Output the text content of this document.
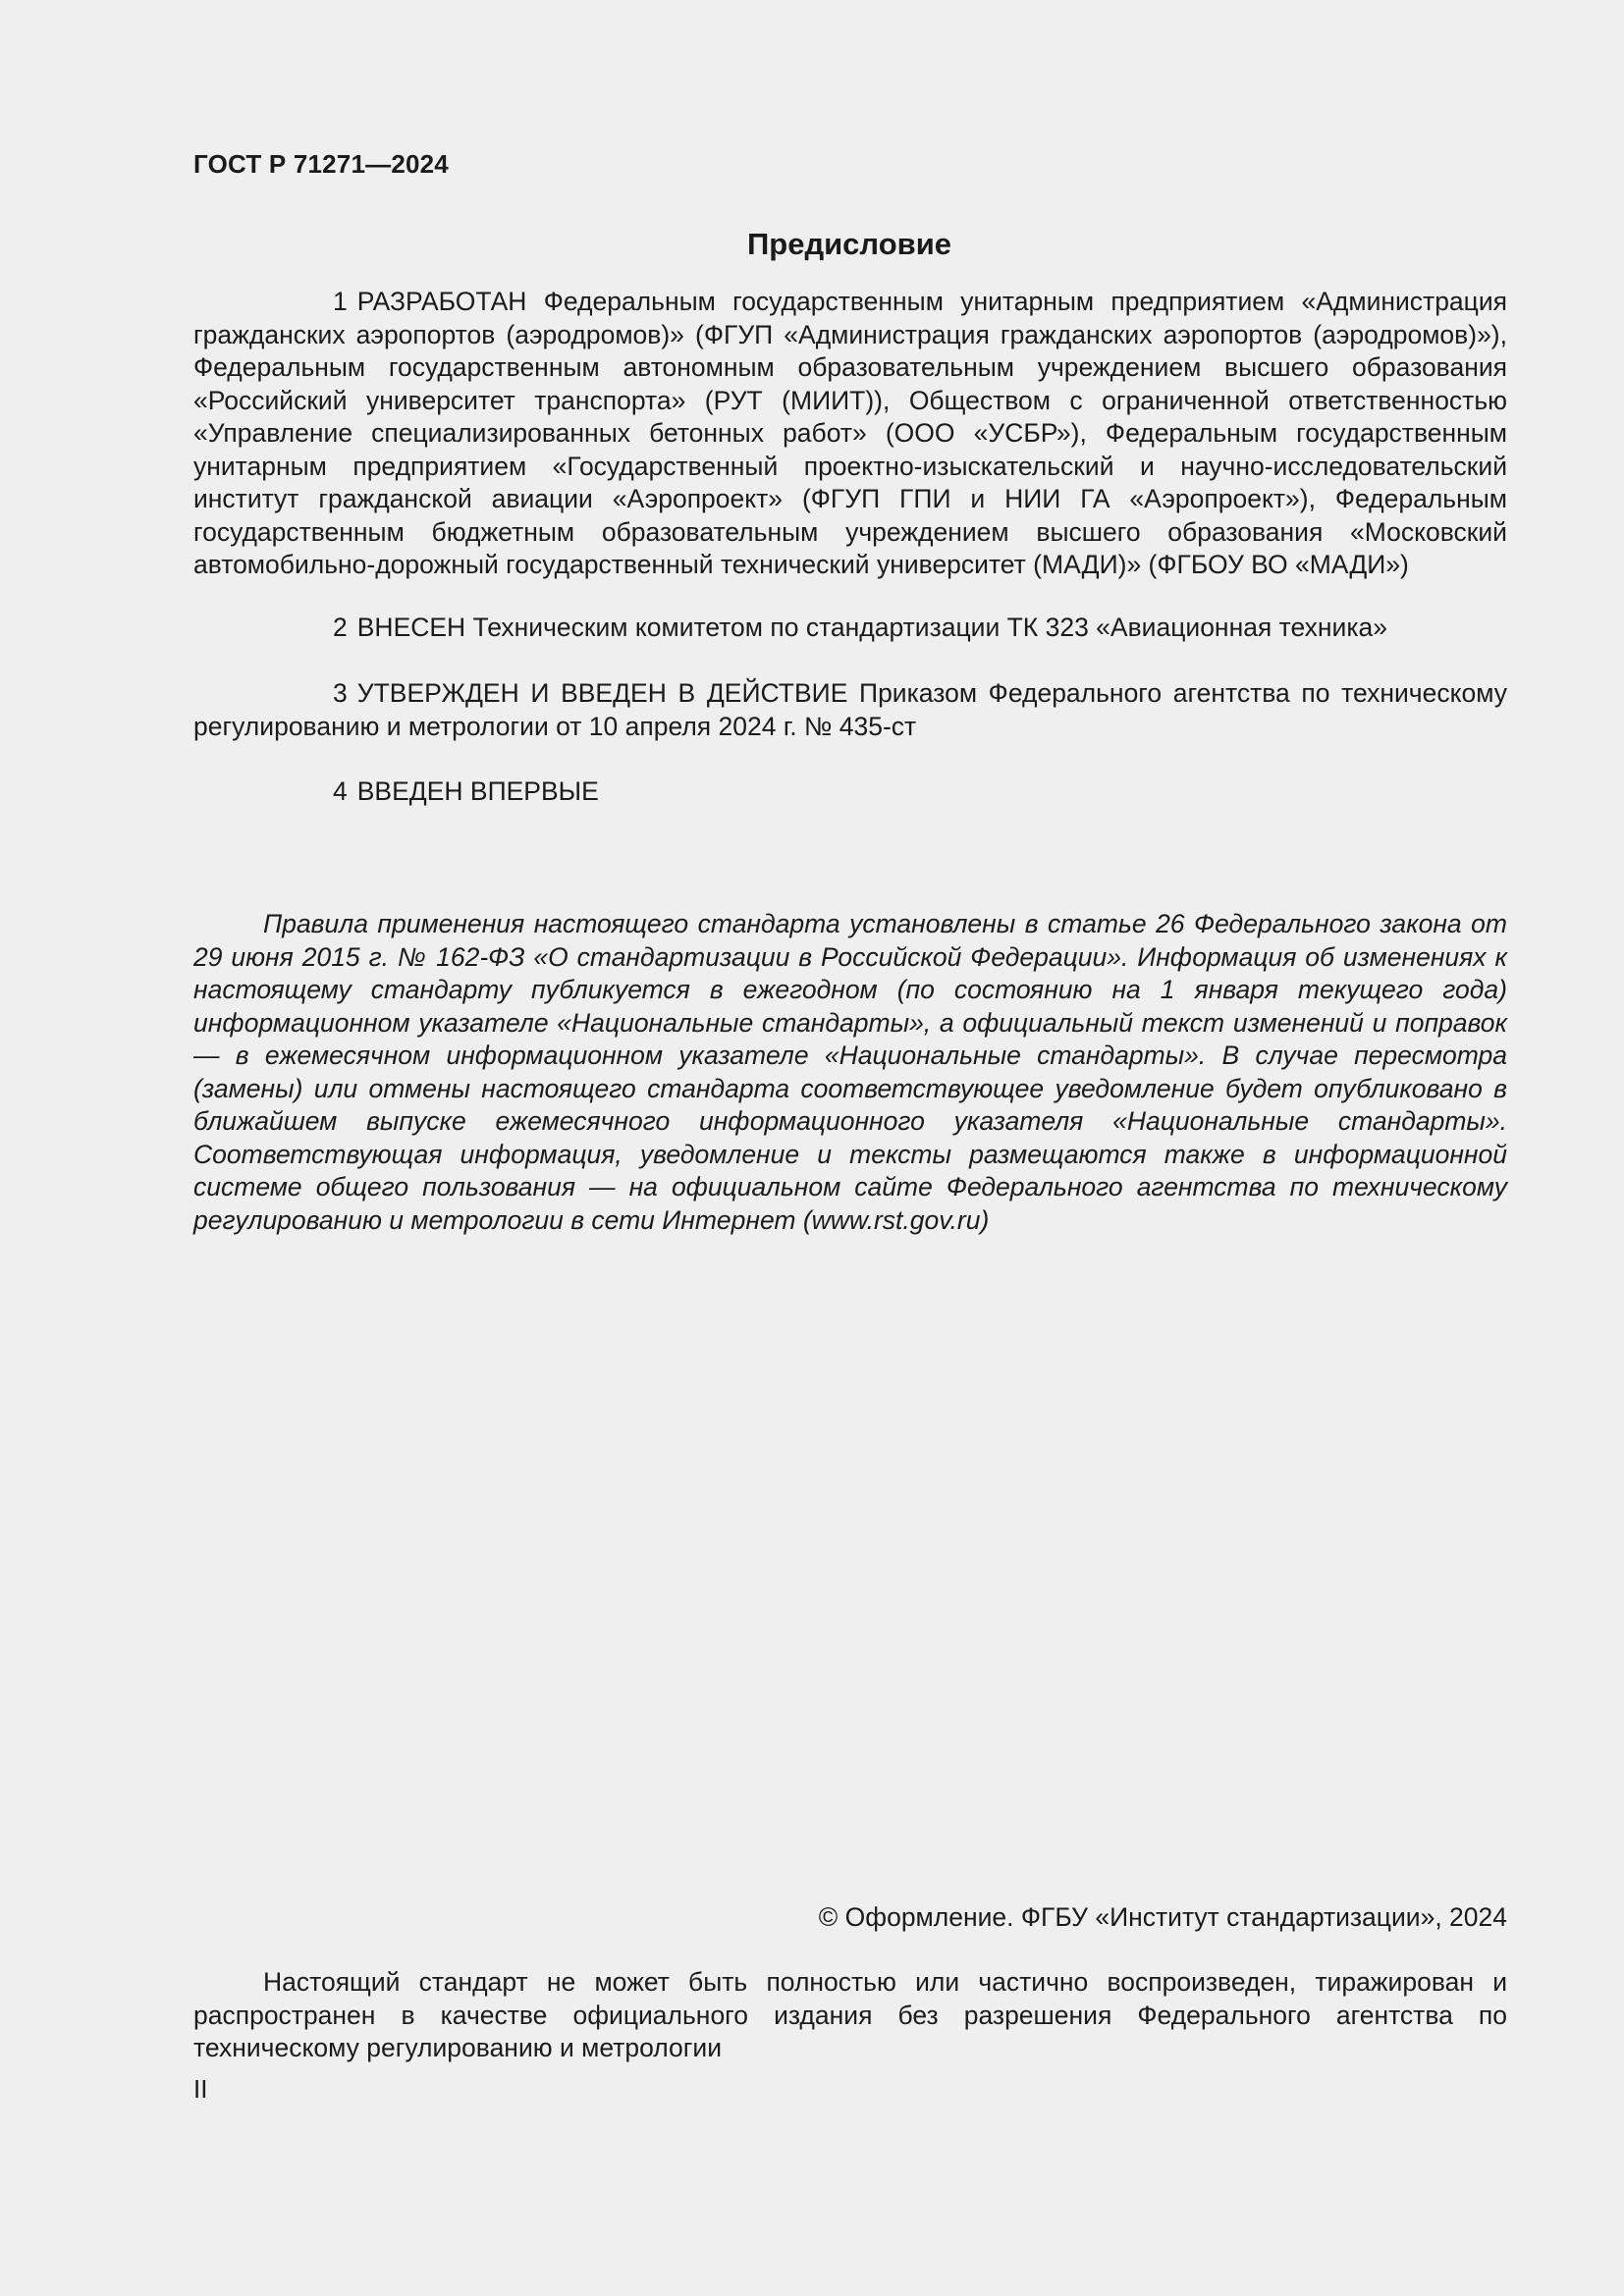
ГОСТ Р 71271—2024
Предисловие

1 РАЗРАБОТАН Федеральным государственным унитарным предприятием «Администрация гражданских аэропортов (аэродромов)» (ФГУП «Администрация гражданских аэропортов (аэродромов)»), Федеральным государственным автономным образовательным учреждением высшего образования «Российский университет транспорта» (РУТ (МИИТ)), Обществом с ограниченной ответственностью «Управление специализированных бетонных работ» (ООО «УСБР»), Федеральным государственным унитарным предприятием «Государственный проектно-изыскательский и научно-исследовательский институт гражданской авиации «Аэропроект» (ФГУП ГПИ и НИИ ГА «Аэропроект»), Федеральным государственным бюджетным образовательным учреждением высшего образования «Московский автомобильно-дорожный государственный технический университет (МАДИ)» (ФГБОУ ВО «МАДИ»)

2 ВНЕСЕН Техническим комитетом по стандартизации ТК 323 «Авиационная техника»

3 УТВЕРЖДЕН И ВВЕДЕН В ДЕЙСТВИЕ Приказом Федерального агентства по техническому регулированию и метрологии от 10 апреля 2024 г. № 435-ст

4 ВВЕДЕН ВПЕРВЫЕ

Правила применения настоящего стандарта установлены в статье 26 Федерального закона от 29 июня 2015 г. № 162-ФЗ «О стандартизации в Российской Федерации». Информация об изменениях к настоящему стандарту публикуется в ежегодном (по состоянию на 1 января текущего года) информационном указателе «Национальные стандарты», а официальный текст изменений и поправок — в ежемесячном информационном указателе «Национальные стандарты». В случае пересмотра (замены) или отмены настоящего стандарта соответствующее уведомление будет опубликовано в ближайшем выпуске ежемесячного информационного указателя «Национальные стандарты». Соответствующая информация, уведомление и тексты размещаются также в информационной системе общего пользования — на официальном сайте Федерального агентства по техническому регулированию и метрологии в сети Интернет (www.rst.gov.ru)

© Оформление. ФГБУ «Институт стандартизации», 2024

Настоящий стандарт не может быть полностью или частично воспроизведен, тиражирован и распространен в качестве официального издания без разрешения Федерального агентства по техническому регулированию и метрологии

II
